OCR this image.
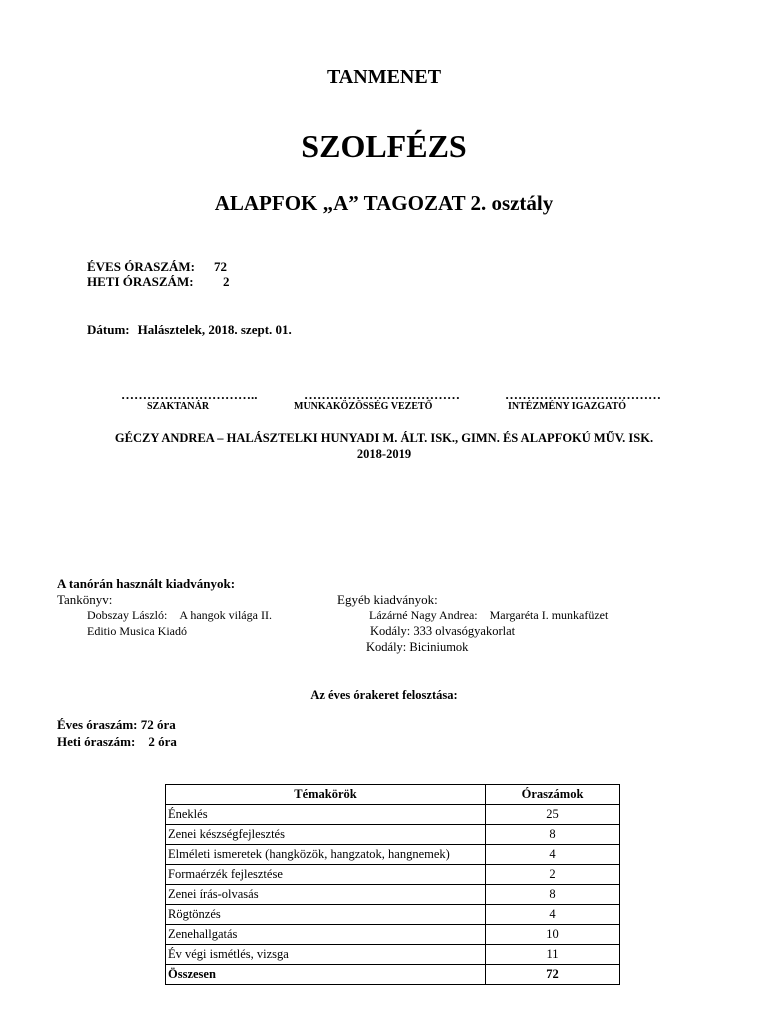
TANMENET
SZOLFÉZS
ALAPFOK „A” TAGOZAT 2. osztály
ÉVES ÓRASZÁM: 72
HETI ÓRASZÁM: 2
Dátum: Halásztelek, 2018. szept. 01.
…………………………..	………………………………	………………………………
SZAKTANÁR	MUNKAKÖZÖSSÉG VEZETŐ	INTÉZMÉNY IGAZGATÓ
GÉCZY ANDREA – HALÁSZTELKI HUNYADI M. ÁLT. ISK., GIMN. ÉS ALAPFOKÚ MŰV. ISK.
2018-2019
A tanórán használt kiadványok:
Tankönyv:
Dobszay László: A hangok világa II.
Editio Musica Kiadó
Egyéb kiadványok:
Lázárné Nagy Andrea: Margaréta I. munkafüzet
Kodály: 333 olvasógyakorlat
Kodály: Biciniumok
Az éves órakeret felosztása:
Éves óraszám: 72 óra
Heti óraszám:    2 óra
Témakörök	Óraszámok
Éneklés	25
Zenei készségfejlesztés	8
Elméleti ismeretek (hangközök, hangzatok, hangnemek)	4
Formaérzék fejlesztése	2
Zenei írás-olvasás	8
Rögtönzés	4
Zenehallgatás	10
Év végi ismétlés, vizsga	11
Összesen	72
